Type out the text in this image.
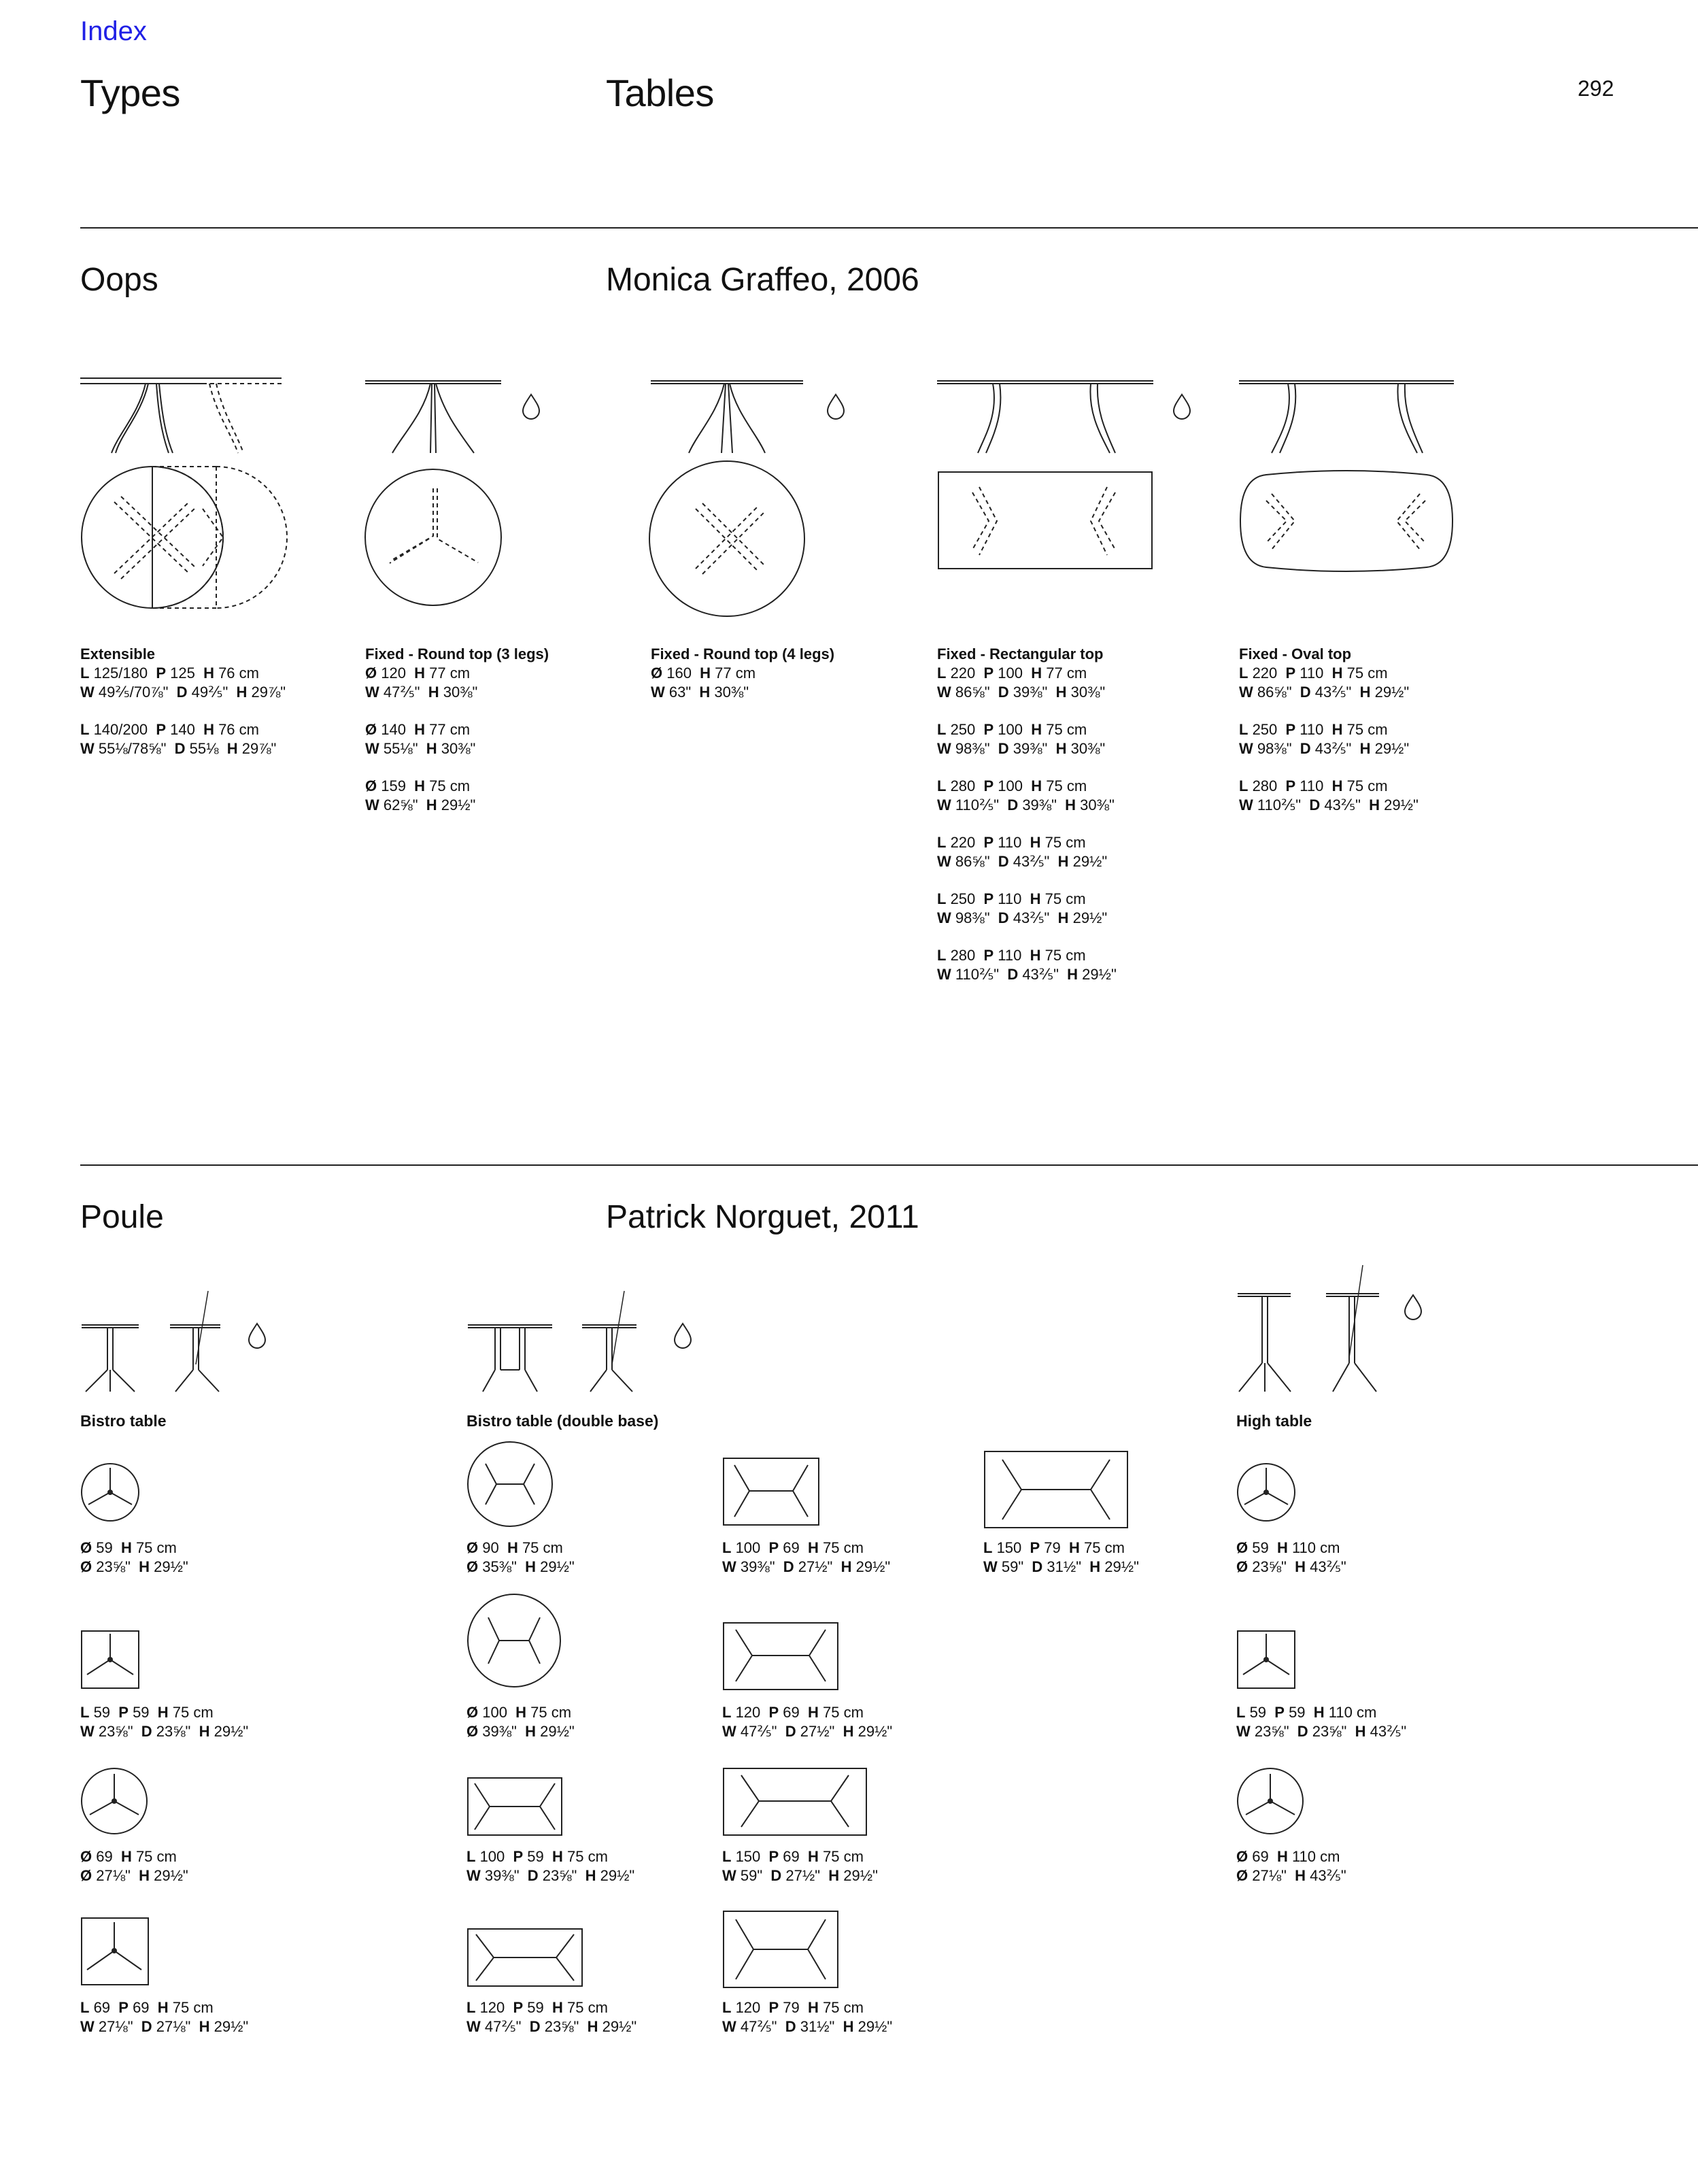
Index
Types	Tables	292
Oops	Monica Graffeo, 2006
Extensible
L 125/180  P 125  H 76 cm
W 49⅖/70⅞"  D 49⅖"  H 29⅞"
L 140/200  P 140  H 76 cm
W 55⅛/78⅝"  D 55⅛  H 29⅞"
Fixed - Round top (3 legs)
Ø 120  H 77 cm
W 47⅖"  H 30⅜"
Ø 140  H 77 cm
W 55⅛"  H 30⅜"
Ø 159  H 75 cm
W 62⅝"  H 29½"
Fixed - Round top (4 legs)
Ø 160  H 77 cm
W 63"  H 30⅜"
Fixed - Rectangular top
L 220  P 100  H 77 cm
W 86⅝"  D 39⅜"  H 30⅜"
L 250  P 100  H 75 cm
W 98⅜"  D 39⅜"  H 30⅜"
L 280  P 100  H 75 cm
W 110⅖"  D 39⅜"  H 30⅜"
L 220  P 110  H 75 cm
W 86⅝"  D 43⅖"  H 29½"
L 250  P 110  H 75 cm
W 98⅜"  D 43⅖"  H 29½"
L 280  P 110  H 75 cm
W 110⅖"  D 43⅖"  H 29½"
Fixed - Oval top
L 220  P 110  H 75 cm
W 86⅝"  D 43⅖"  H 29½"
L 250  P 110  H 75 cm
W 98⅜"  D 43⅖"  H 29½"
L 280  P 110  H 75 cm
W 110⅖"  D 43⅖"  H 29½"
Poule	Patrick Norguet, 2011
Bistro table	Bistro table (double base)	High table
Ø 59  H 75 cm
Ø 23⅝"  H 29½"
L 59  P 59  H 75 cm
W 23⅝"  D 23⅝"  H 29½"
Ø 69  H 75 cm
Ø 27⅛"  H 29½"
L 69  P 69  H 75 cm
W 27⅛"  D 27⅛"  H 29½"
Ø 90  H 75 cm
Ø 35⅜"  H 29½"
Ø 100  H 75 cm
Ø 39⅜"  H 29½"
L 100  P 59  H 75 cm
W 39⅜"  D 23⅝"  H 29½"
L 120  P 59  H 75 cm
W 47⅖"  D 23⅝"  H 29½"
L 100  P 69  H 75 cm
W 39⅜"  D 27½"  H 29½"
L 120  P 69  H 75 cm
W 47⅖"  D 27½"  H 29½"
L 150  P 69  H 75 cm
W 59"  D 27½"  H 29½"
L 120  P 79  H 75 cm
W 47⅖"  D 31½"  H 29½"
L 150  P 79  H 75 cm
W 59"  D 31½"  H 29½"
Ø 59  H 110 cm
Ø 23⅝"  H 43⅖"
L 59  P 59  H 110 cm
W 23⅝"  D 23⅝"  H 43⅖"
Ø 69  H 110 cm
Ø 27⅛"  H 43⅖"
